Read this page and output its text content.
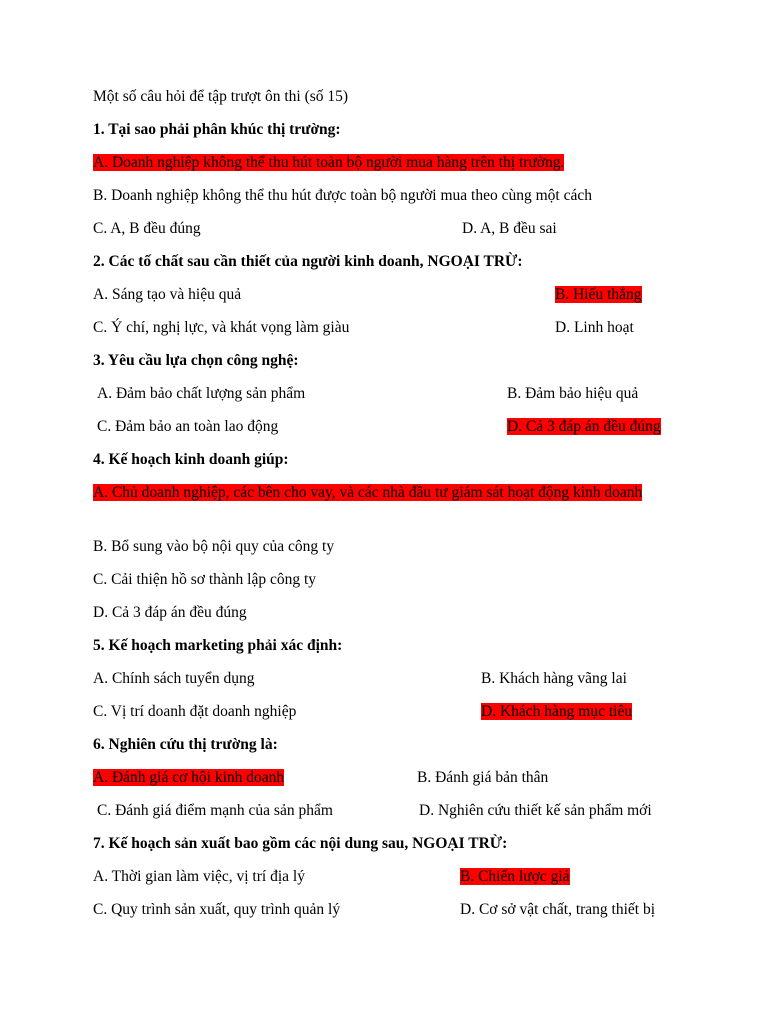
Một số câu hỏi để tập trượt ôn thi (số 15)
1. Tại sao phải phân khúc thị trường:
A. Doanh nghiệp không thể thu hút toàn bộ người mua hàng trên thị trường.
B. Doanh nghiệp không thể thu hút được toàn bộ người mua theo cùng một cách
C. A, B đều đúng	D. A, B đều sai
2. Các tố chất sau cần thiết của người kinh doanh, NGOẠI TRỪ:
A. Sáng tạo và hiệu quả	B. Hiếu thắng
C. Ý chí, nghị lực, và khát vọng làm giàu	D. Linh hoạt
3. Yêu cầu lựa chọn công nghệ:
A. Đảm bảo chất lượng sản phẩm	B. Đảm bảo hiệu quả
C. Đảm bảo an toàn lao động	D. Cả 3 đáp án đều đúng
4. Kế hoạch kinh doanh giúp:
A. Chủ doanh nghiệp, các bên cho vay, và các nhà đầu tư giám sát hoạt động kinh doanh
B. Bổ sung vào bộ nội quy của công ty
C. Cải thiện hồ sơ thành lập công ty
D. Cả 3 đáp án đều đúng
5. Kế hoạch marketing phải xác định:
A. Chính sách tuyển dụng	B. Khách hàng vãng lai
C. Vị trí doanh đặt doanh nghiệp	D. Khách hàng mục tiêu
6. Nghiên cứu thị trường là:
A. Đánh giá cơ hội kinh doanh	B. Đánh giá bản thân
C. Đánh giá điểm mạnh của sản phẩm	D. Nghiên cứu thiết kế sản phẩm mới
7. Kế hoạch sản xuất bao gồm các nội dung sau, NGOẠI TRỪ:
A. Thời gian làm việc, vị trí địa lý	B. Chiến lược giá
C. Quy trình sản xuất, quy trình quản lý	D. Cơ sở vật chất, trang thiết bị
